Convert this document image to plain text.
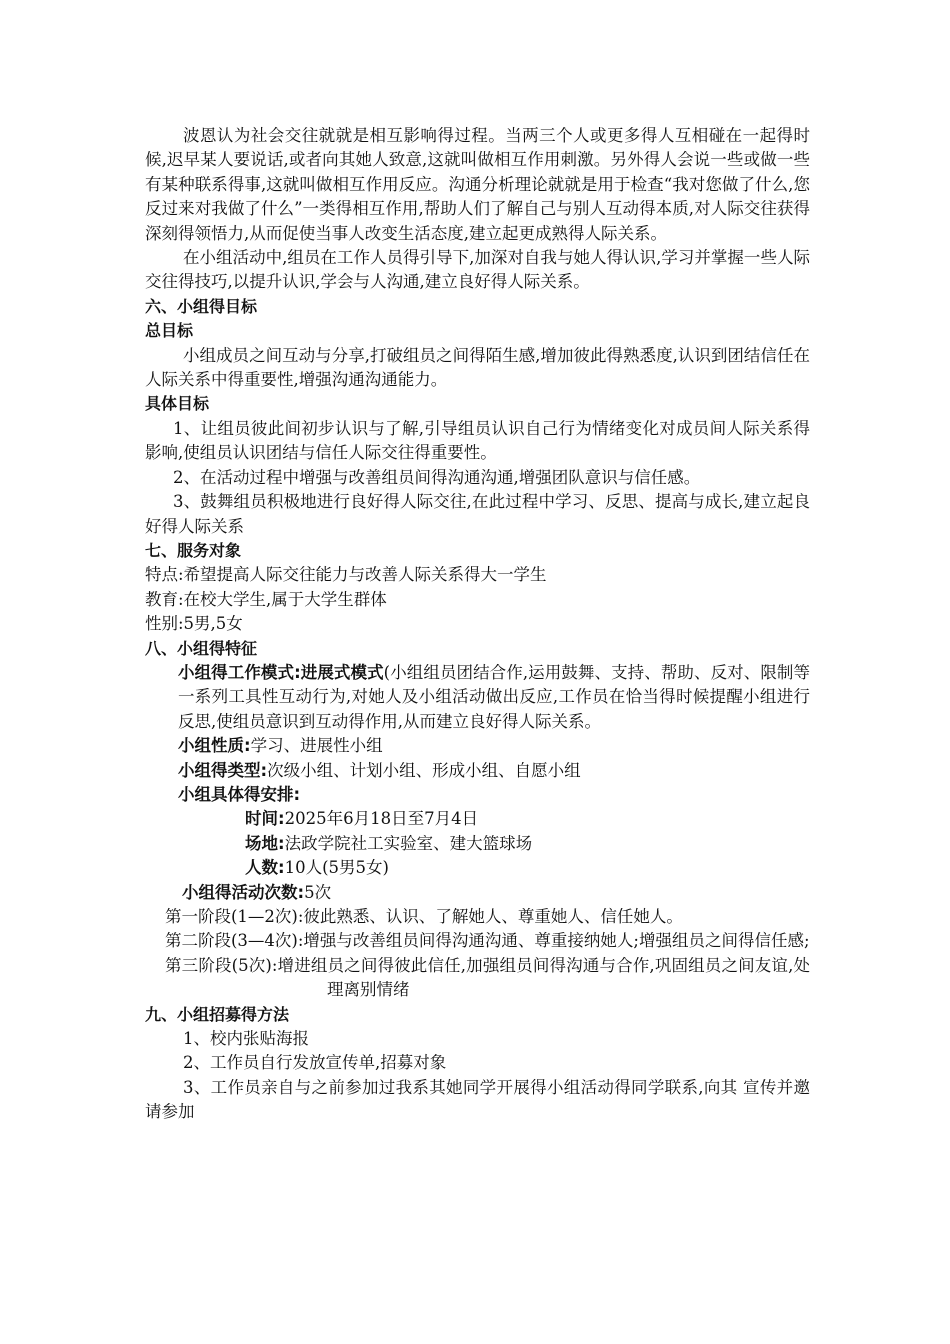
波恩认为社会交往就就是相互影响得过程。当两三个人或更多得人互相碰在一起得时候,迟早某人要说话,或者向其她人致意,这就叫做相互作用刺激。另外得人会说一些或做一些有某种联系得事,这就叫做相互作用反应。沟通分析理论就就是用于检查“我对您做了什么,您反过来对我做了什么”一类得相互作用,帮助人们了解自己与别人互动得本质,对人际交往获得深刻得领悟力,从而促使当事人改变生活态度,建立起更成熟得人际关系。

在小组活动中,组员在工作人员得引导下,加深对自我与她人得认识,学习并掌握一些人际交往得技巧,以提升认识,学会与人沟通,建立良好得人际关系。

六、小组得目标

总目标

小组成员之间互动与分享,打破组员之间得陌生感,增加彼此得熟悉度,认识到团结信任在人际关系中得重要性,增强沟通沟通能力。

具体目标

1、让组员彼此间初步认识与了解,引导组员认识自己行为情绪变化对成员间人际关系得影响,使组员认识团结与信任人际交往得重要性。

2、在活动过程中增强与改善组员间得沟通沟通,增强团队意识与信任感。

3、鼓舞组员积极地进行良好得人际交往,在此过程中学习、反思、提高与成长,建立起良好得人际关系

七、服务对象

特点:希望提高人际交往能力与改善人际关系得大一学生

教育:在校大学生,属于大学生群体

性别:5男,5女

八、小组得特征

小组得工作模式:进展式模式(小组组员团结合作,运用鼓舞、支持、帮助、反对、限制等一系列工具性互动行为,对她人及小组活动做出反应,工作员在恰当得时候提醒小组进行反思,使组员意识到互动得作用,从而建立良好得人际关系。

小组性质:学习、进展性小组

小组得类型:次级小组、计划小组、形成小组、自愿小组

小组具体得安排:

时间:2025年6月18日至7月4日

场地:法政学院社工实验室、建大篮球场

人数:10人(5男5女)

小组得活动次数:5次

第一阶段(1—2次):彼此熟悉、认识、了解她人、尊重她人、信任她人。

第二阶段(3—4次):增强与改善组员间得沟通沟通、尊重接纳她人;增强组员之间得信任感;

第三阶段(5次):增进组员之间得彼此信任,加强组员间得沟通与合作,巩固组员之间友谊,处理离别情绪

九、小组招募得方法

1、校内张贴海报

2、工作员自行发放宣传单,招募对象

3、工作员亲自与之前参加过我系其她同学开展得小组活动得同学联系,向其 宣传并邀请参加
